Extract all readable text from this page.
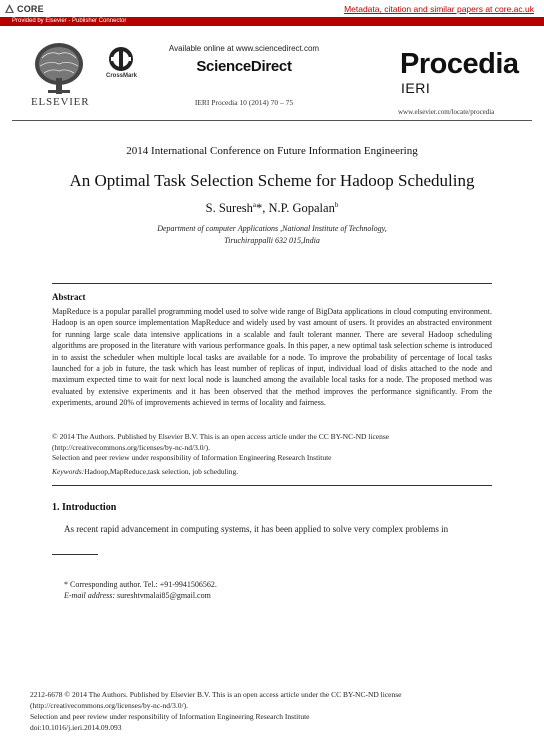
CORE	Metadata, citation and similar papers at core.ac.uk
Provided by Elsevier - Publisher Connector
ELSEVIER
CrossMark
Available online at www.sciencedirect.com
ScienceDirect
IERI Procedia 10 (2014) 70 – 75
Procedia
IERI
www.elsevier.com/locate/procedia
2014 International Conference on Future Information Engineering
An Optimal Task Selection Scheme for Hadoop Scheduling
S. Suresh$^a$*, N.P. Gopalan$^b$
Department of computer Applications ,National Institute of Technology,
Tiruchirappalli 632 015,India
Abstract
MapReduce is a popular parallel programming model used to solve wide range of BigData applications in cloud computing environment. Hadoop is an open source implementation MapReduce and widely used by vast amount of users. It provides an abstracted environment for running large scale data intensive applications in a scalable and fault tolerant manner. There are several Hadoop scheduling algorithms are proposed in the literature with various performance goals. In this paper, a new optimal task selection scheme is introduced in to assist the scheduler when multiple local tasks are available for a node. To improve the probability of percentage of local tasks launched for a job in future, the task which has least number of replicas of input, individual load of disks attached to the node and maximum expected time to wait for next local node is launched among the available local tasks for a node. The proposed method was evaluated by extensive experiments and it has been observed that the method improves the performance significantly. From the experiments, around 20% of improvements achieved in terms of locality and fairness.
© 2014 The Authors. Published by Elsevier B.V. This is an open access article under the CC BY-NC-ND license
(http://creativecommons.org/licenses/by-nc-nd/3.0/).
Selection and peer review under responsibility of Information Engineering Research Institute
Keywords:Hadoop,MapReduce,task selection, job scheduling.
1. Introduction
As recent rapid advancement in computing systems, it has been applied to solve very complex problems in
* Corresponding author. Tel.: +91-9941506562.
E-mail address: sureshtvmalai85@gmail.com
2212-6678 © 2014 The Authors. Published by Elsevier B.V. This is an open access article under the CC BY-NC-ND license
(http://creativecommons.org/licenses/by-nc-nd/3.0/).
Selection and peer review under responsibility of Information Engineering Research Institute
doi:10.1016/j.ieri.2014.09.093
